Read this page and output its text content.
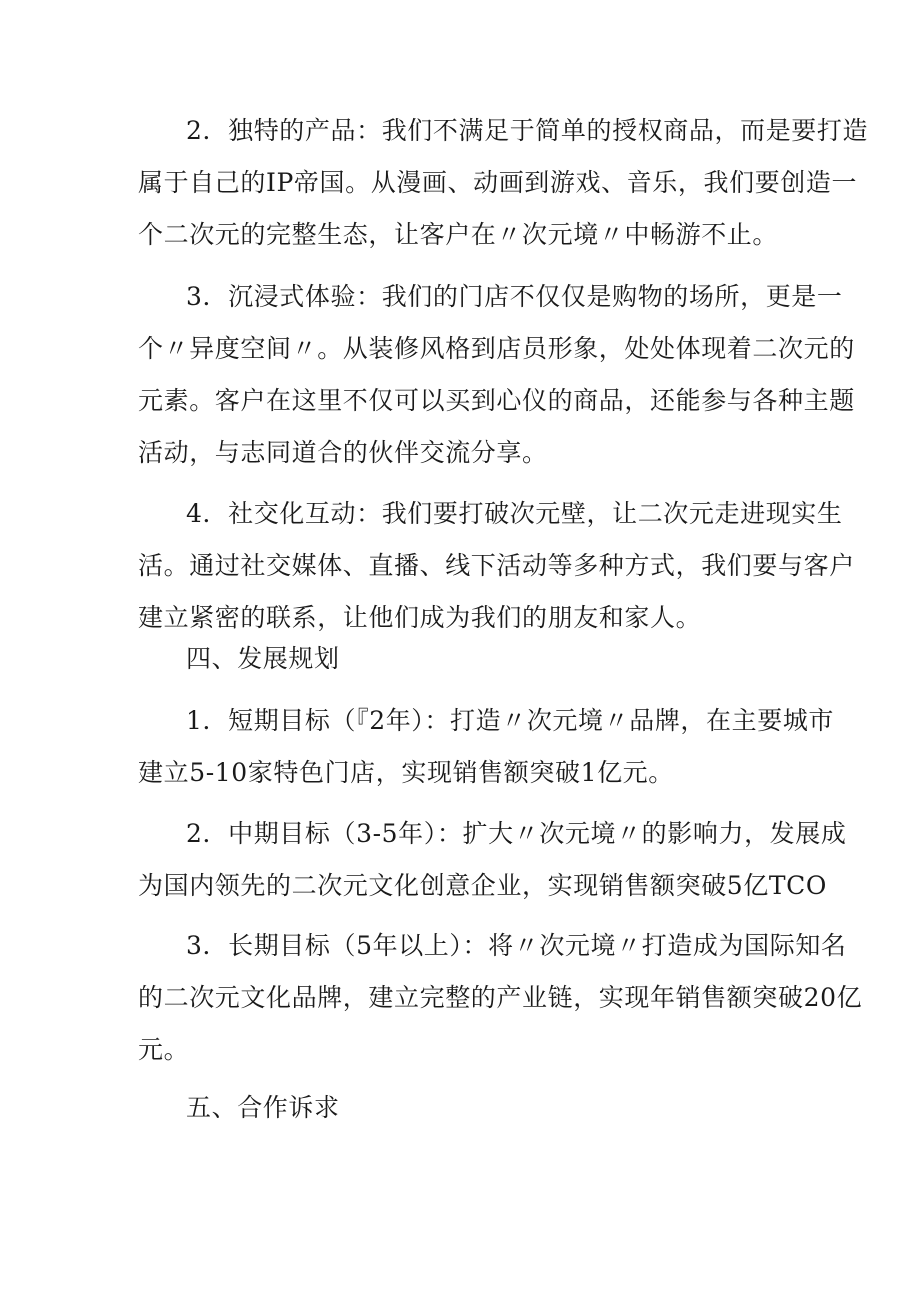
2．独特的产品：我们不满足于简单的授权商品，而是要打造
属于自己的IP帝国。从漫画、动画到游戏、音乐，我们要创造一
个二次元的完整生态，让客户在〃次元境〃中畅游不止。

3．沉浸式体验：我们的门店不仅仅是购物的场所，更是一
个〃异度空间〃。从装修风格到店员形象，处处体现着二次元的
元素。客户在这里不仅可以买到心仪的商品，还能参与各种主题
活动，与志同道合的伙伴交流分享。

4．社交化互动：我们要打破次元壁，让二次元走进现实生
活。通过社交媒体、直播、线下活动等多种方式，我们要与客户
建立紧密的联系，让他们成为我们的朋友和家人。

四、发展规划

1．短期目标（『2年）：打造〃次元境〃品牌，在主要城市
建立5-10家特色门店，实现销售额突破1亿元。

2．中期目标（3-5年）：扩大〃次元境〃的影响力，发展成
为国内领先的二次元文化创意企业，实现销售额突破5亿TCO

3．长期目标（5年以上）：将〃次元境〃打造成为国际知名
的二次元文化品牌，建立完整的产业链，实现年销售额突破20亿
元。

五、合作诉求
